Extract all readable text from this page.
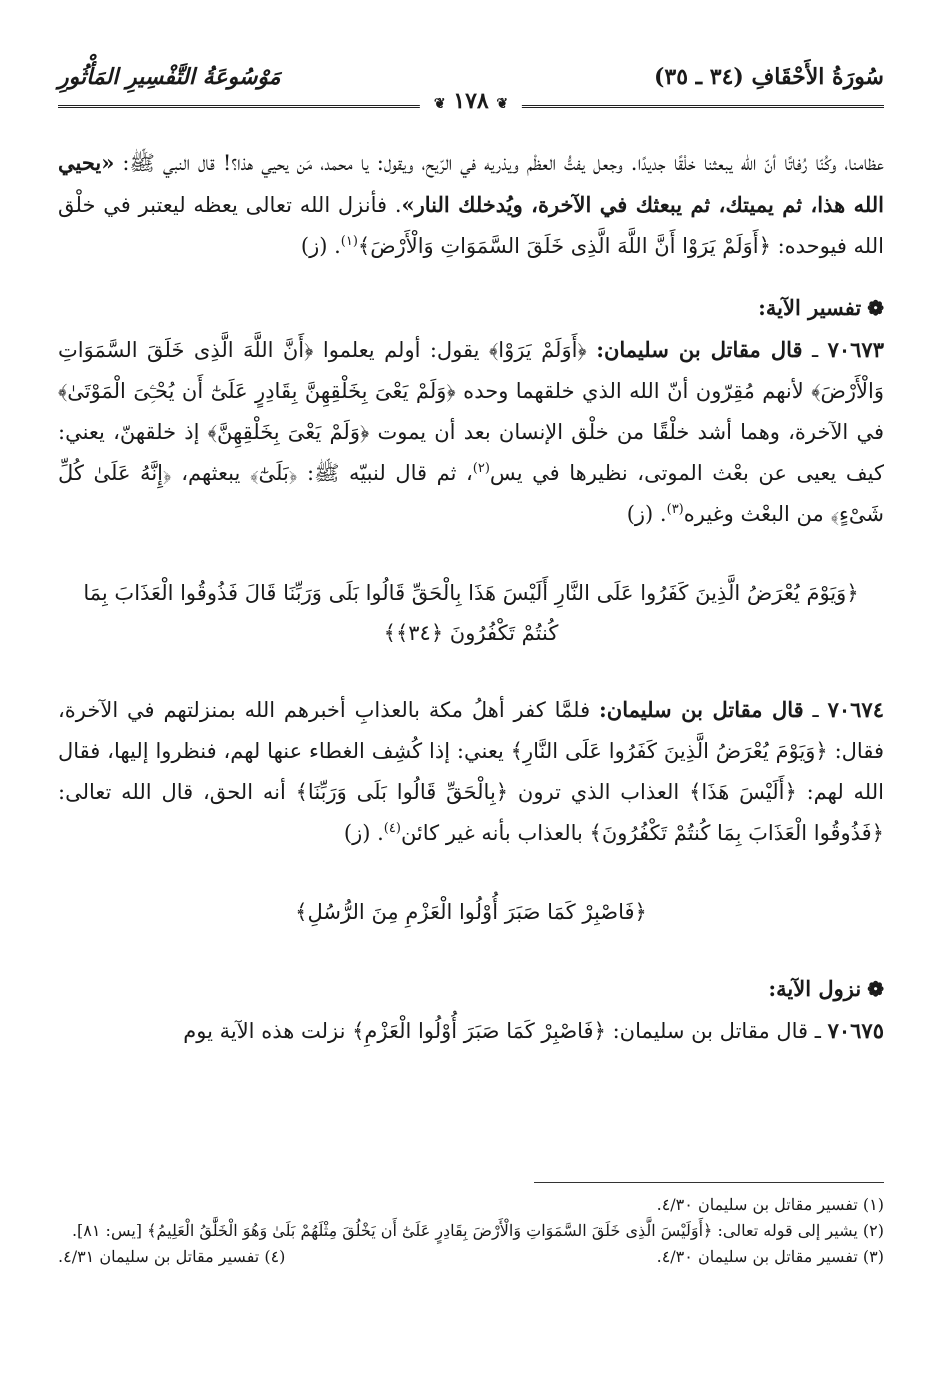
سُورَةُ الأَحْقَافِ (٣٤ ـ ٣٥)
مَوْسُوعَةُ التَّفْسِيرِ المَأْثُورِ
❦ ١٧٨ ❦

عظامنا، وكُنّا رُفاتًا أنّ الله يبعثنا خلْقًا جديدًا. وجعل يفتُّ العظْم ويذريه في الرّيح، ويقول: يا محمد، مَن يحيي هذا؟! قال النبي ﷺ: «يحيي الله هذا، ثم يميتك، ثم يبعثك في الآخرة، ويُدخلك النار». فأنزل الله تعالى يعظه ليعتبر في خلْق الله فيوحده: ﴿أَوَلَمْ يَرَوْا أَنَّ اللَّهَ الَّذِى خَلَقَ السَّمَوَاتِ وَالْأَرْضَ﴾$^{(١)}$. (ز)

❁تفسير الآية:

٧٠٦٧٣ ـ قال مقاتل بن سليمان: ﴿أَوَلَمْ يَرَوْا﴾ يقول: أولم يعلموا ﴿أَنَّ اللَّهَ الَّذِى خَلَقَ السَّمَوَاتِ وَالْأَرْضَ﴾ لأنهم مُقِرّون أنّ الله الذي خلقهما وحده ﴿وَلَمْ يَعْىَ بِخَلْقِهِنَّ بِقَادِرٍ عَلَىٰٓ أَن يُحْـِۧىَ الْمَوْتَىٰ﴾ في الآخرة، وهما أشد خلْقًا من خلْق الإنسان بعد أن يموت ﴿وَلَمْ يَعْىَ بِخَلْقِهِنَّ﴾ إذ خلقهنّ، يعني: كيف يعيى عن بعْث الموتى، نظيرها في يس$^{(٢)}$، ثم قال لنبيّه ﷺ: ﴿بَلَىٰٓ﴾ يبعثهم، ﴿إِنَّهُ عَلَىٰ كُلِّ شَىْءٍ﴾ من البعْث وغيره$^{(٣)}$. (ز)

﴿وَيَوْمَ يُعْرَضُ الَّذِينَ كَفَرُوا عَلَى النَّارِ أَلَيْسَ هَذَا بِالْحَقِّ قَالُوا بَلَى وَرَبِّنَا قَالَ فَذُوقُوا الْعَذَابَ بِمَا كُنتُمْ تَكْفُرُونَ ﴿٣٤﴾﴾

٧٠٦٧٤ ـ قال مقاتل بن سليمان: فلمَّا كفر أهلُ مكة بالعذابِ أخبرهم الله بمنزلتهم في الآخرة، فقال: ﴿وَيَوْمَ يُعْرَضُ الَّذِينَ كَفَرُوا عَلَى النَّارِ﴾ يعني: إذا كُشِف الغطاء عنها لهم، فنظروا إليها، فقال الله لهم: ﴿أَلَيْسَ هَذَا﴾ العذاب الذي ترون ﴿بِالْحَقِّ قَالُوا بَلَى وَرَبِّنَا﴾ أنه الحق، قال الله تعالى: ﴿فَذُوقُوا الْعَذَابَ بِمَا كُنتُمْ تَكْفُرُونَ﴾ بالعذاب بأنه غير كائن$^{(٤)}$. (ز)

﴿فَاصْبِرْ كَمَا صَبَرَ أُوْلُوا الْعَزْمِ مِنَ الرُّسُلِ﴾

❁نزول الآية:

٧٠٦٧٥ ـ قال مقاتل بن سليمان: ﴿فَاصْبِرْ كَمَا صَبَرَ أُوْلُوا الْعَزْمِ﴾ نزلت هذه الآية يوم

(١) تفسير مقاتل بن سليمان ٤/٣٠.

(٢) يشير إلى قوله تعالى: ﴿أَوَلَيْسَ الَّذِى خَلَقَ السَّمَوَاتِ وَالْأَرْضَ بِقَادِرٍ عَلَىٰٓ أَن يَخْلُقَ مِثْلَهُمْ بَلَىٰ وَهُوَ الْخَلَّٰقُ الْعَلِيمُ﴾ [يس: ٨١].

(٣) تفسير مقاتل بن سليمان ٤/٣٠.
(٤) تفسير مقاتل بن سليمان ٤/٣١.
